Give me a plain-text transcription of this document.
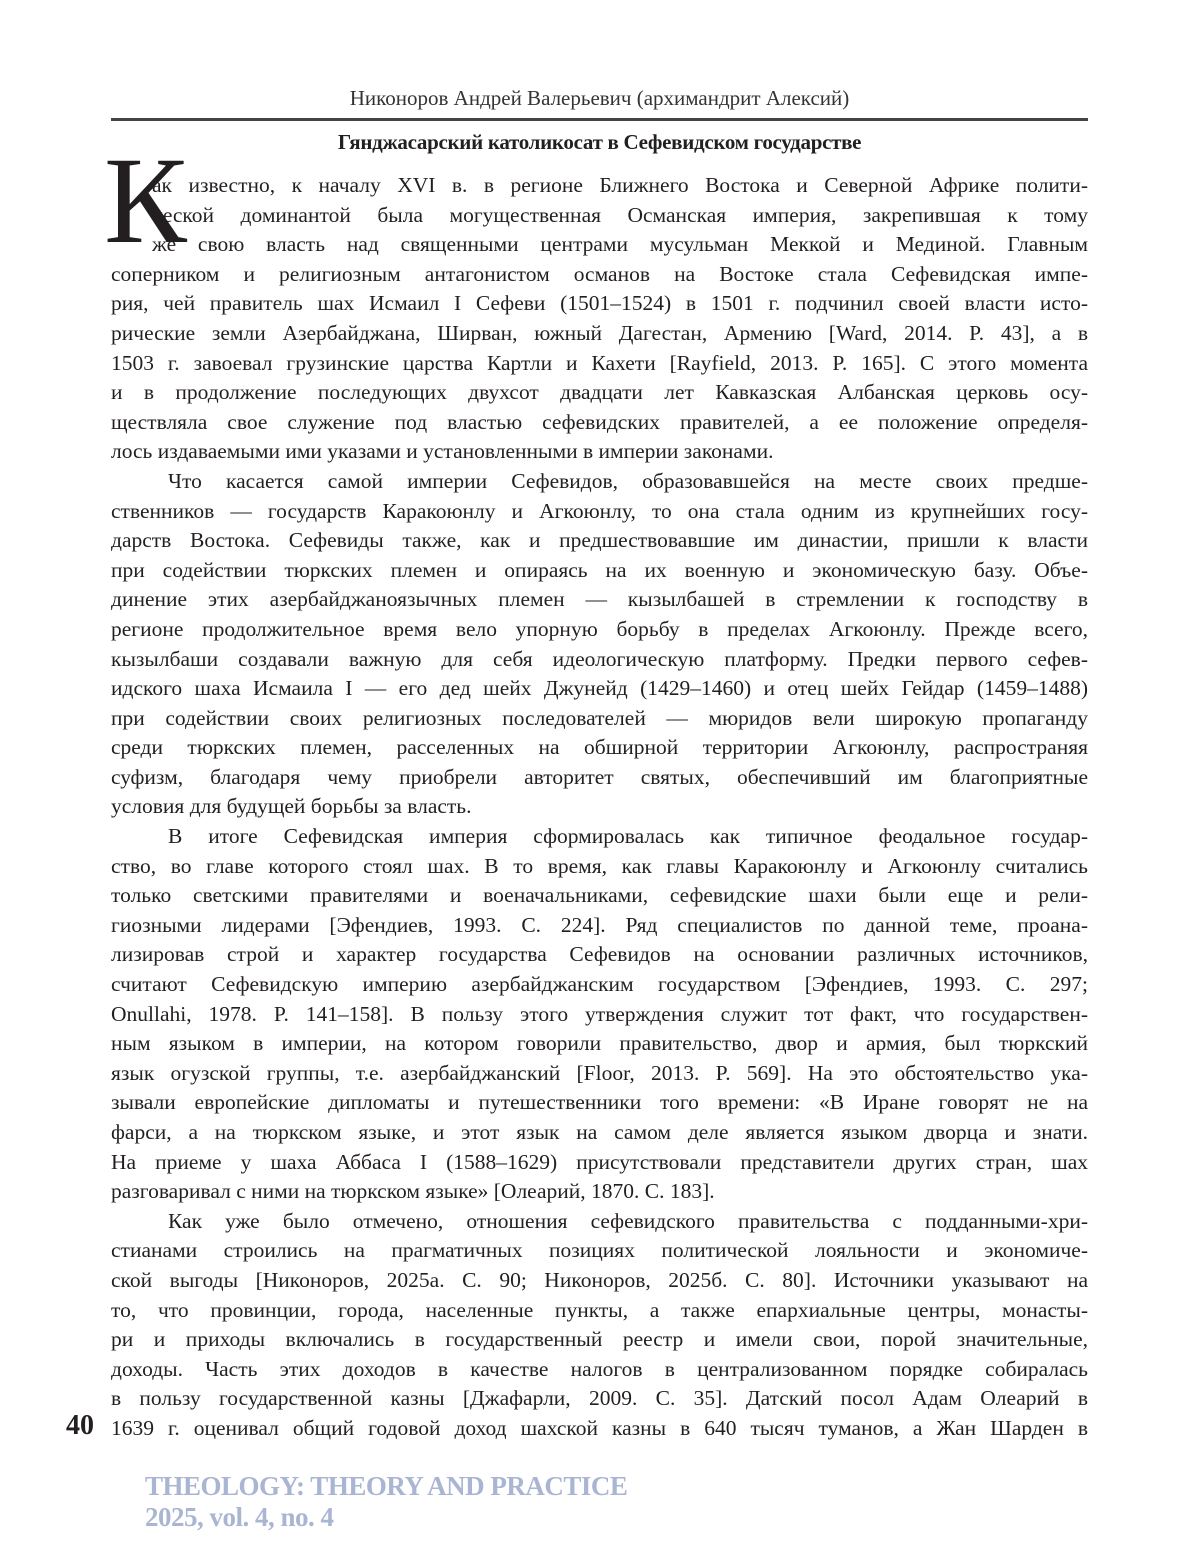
Никоноров Андрей Валерьевич (архимандрит Алексий)
Гянджасарский католикосат в Сефевидском государстве
К
ак известно, к началу XVI в. в регионе Ближнего Востока и Северной Африке полити-
ческой доминантой была могущественная Османская империя, закрепившая к тому
же свою власть над священными центрами мусульман Меккой и Мединой. Главным
соперником и религиозным антагонистом османов на Востоке стала Сефевидская импе-
рия, чей правитель шах Исмаил I Сефеви (1501–1524) в 1501 г. подчинил своей власти исто-
рические земли Азербайджана, Ширван, южный Дагестан, Армению [Ward, 2014. P. 43], а в
1503 г. завоевал грузинские царства Картли и Кахети [Rayfield, 2013. P. 165]. С этого момента
и в продолжение последующих двухсот двадцати лет Кавказская Албанская церковь осу-
ществляла свое служение под властью сефевидских правителей, а ее положение определя-
лось издаваемыми ими указами и установленными в империи законами.
Что касается самой империи Сефевидов, образовавшейся на месте своих предше-
ственников — государств Каракоюнлу и Агкоюнлу, то она стала одним из крупнейших госу-
дарств Востока. Сефевиды также, как и предшествовавшие им династии, пришли к власти
при содействии тюркских племен и опираясь на их военную и экономическую базу. Объе-
динение этих азербайджаноязычных племен — кызылбашей в стремлении к господству в
регионе продолжительное время вело упорную борьбу в пределах Агкоюнлу. Прежде всего,
кызылбаши создавали важную для себя идеологическую платформу. Предки первого сефев-
идского шаха Исмаила I — его дед шейх Джунейд (1429–1460) и отец шейх Гейдар (1459–1488)
при содействии своих религиозных последователей — мюридов вели широкую пропаганду
среди тюркских племен, расселенных на обширной территории Агкоюнлу, распространяя
суфизм, благодаря чему приобрели авторитет святых, обеспечивший им благоприятные
условия для будущей борьбы за власть.
В итоге Сефевидская империя сформировалась как типичное феодальное государ-
ство, во главе которого стоял шах. В то время, как главы Каракоюнлу и Агкоюнлу считались
только светскими правителями и военачальниками, сефевидские шахи были еще и рели-
гиозными лидерами [Эфендиев, 1993. С. 224]. Ряд специалистов по данной теме, проана-
лизировав строй и характер государства Сефевидов на основании различных источников,
считают Сефевидскую империю азербайджанским государством [Эфендиев, 1993. С. 297;
Onullahi, 1978. P. 141–158]. В пользу этого утверждения служит тот факт, что государствен-
ным языком в империи, на котором говорили правительство, двор и армия, был тюркский
язык огузской группы, т.е. азербайджанский [Floor, 2013. P. 569]. На это обстоятельство ука-
зывали европейские дипломаты и путешественники того времени: «В Иране говорят не на
фарси, а на тюркском языке, и этот язык на самом деле является языком дворца и знати.
На приеме у шаха Аббаса I (1588–1629) присутствовали представители других стран, шах
разговаривал с ними на тюркском языке» [Олеарий, 1870. С. 183].
Как уже было отмечено, отношения сефевидского правительства с подданными-хри-
стианами строились на прагматичных позициях политической лояльности и экономиче-
ской выгоды [Никоноров, 2025а. С. 90; Никоноров, 2025б. С. 80]. Источники указывают на
то, что провинции, города, населенные пункты, а также епархиальные центры, монасты-
ри и приходы включались в государственный реестр и имели свои, порой значительные,
доходы. Часть этих доходов в качестве налогов в централизованном порядке собиралась
в пользу государственной казны [Джафарли, 2009. С. 35]. Датский посол Адам Олеарий в
1639 г. оценивал общий годовой доход шахской казны в 640 тысяч туманов, а Жан Шарден в
40
THEOLOGY: THEORY AND PRACTICE
2025, vol. 4, no. 4
